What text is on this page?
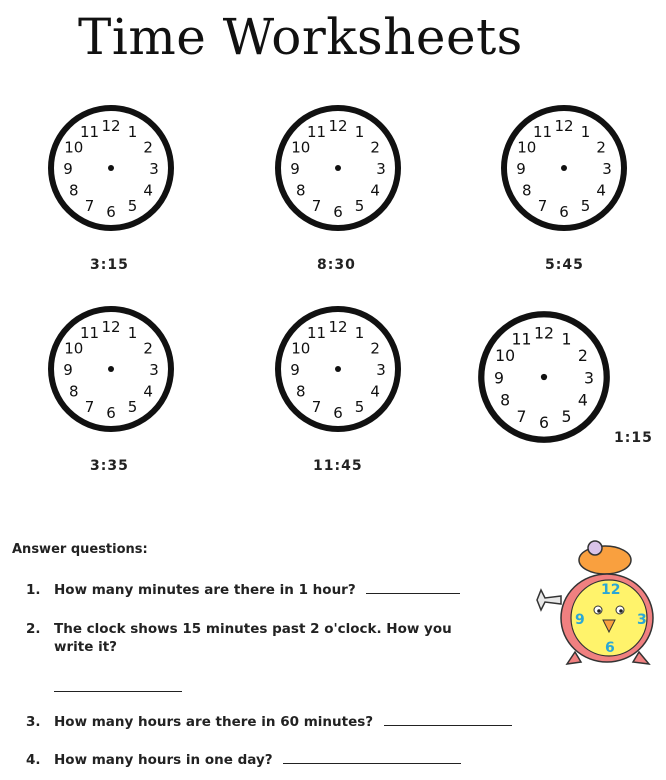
Time Worksheets
12 1
2
3
4
5
6
7
8
9
10
11
3:15
12 1
2
3
4
5
6
7
8
9
10
11
8:30
12 1
2
3
4
5
6
7
8
9
10
11
5:45
12 1
2
3
4
5
6
7
8
9
10
11
3:35
12 1
2
3
4
5
6
7
8
9
10
11
11:45
12 1
2
3
4
5
6
7
8
9
10
11
1:15
Answer questions:
1. How many minutes are there in 1 hour?
2. The clock shows 15 minutes past 2 o'clock. How you
write it?
3. How many hours are there in 60 minutes?
4. How many hours in one day?
12
3
6
9
